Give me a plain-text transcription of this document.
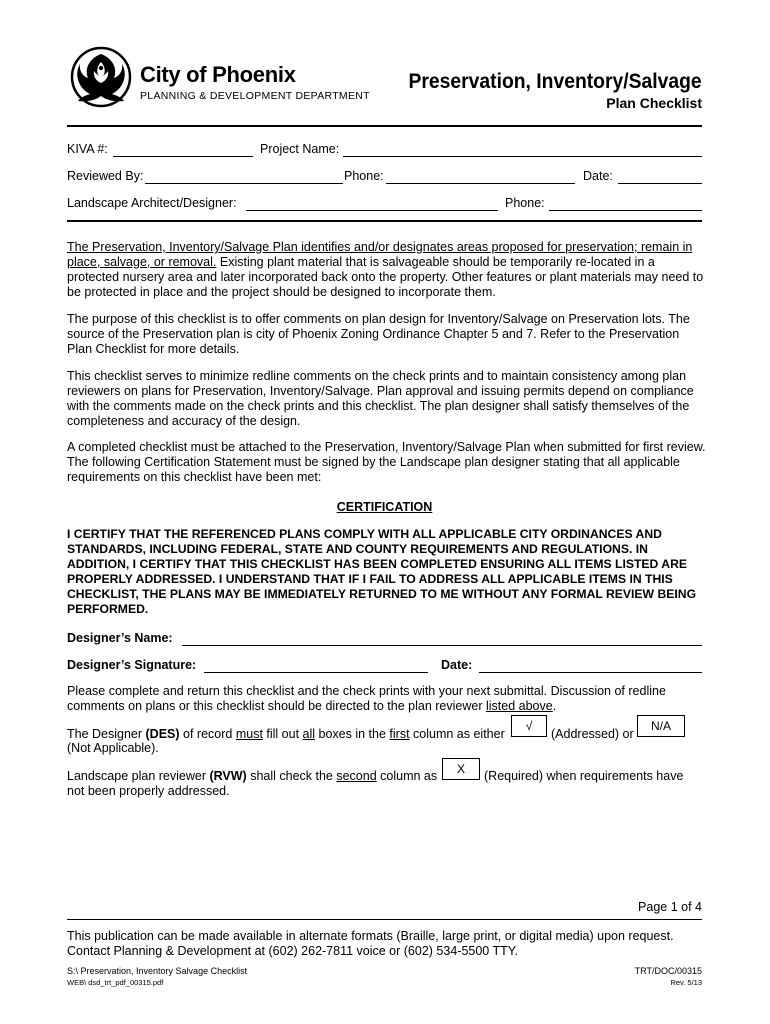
City of Phoenix
PLANNING & DEVELOPMENT DEPARTMENT
Preservation, Inventory/Salvage
Plan Checklist
KIVA #:	Project Name:
Reviewed By:	Phone:	Date:
Landscape Architect/Designer:	Phone:

The Preservation, Inventory/Salvage Plan identifies and/or designates areas proposed for preservation; remain in place, salvage, or removal. Existing plant material that is salvageable should be temporarily re-located in a protected nursery area and later incorporated back onto the property. Other features or plant materials may need to be protected in place and the project should be designed to incorporate them.

The purpose of this checklist is to offer comments on plan design for Inventory/Salvage on Preservation lots. The source of the Preservation plan is city of Phoenix Zoning Ordinance Chapter 5 and 7. Refer to the Preservation Plan Checklist for more details.
This checklist serves to minimize redline comments on the check prints and to maintain consistency among plan reviewers on plans for Preservation, Inventory/Salvage. Plan approval and issuing permits depend on compliance with the comments made on the check prints and this checklist. The plan designer shall satisfy themselves of the completeness and accuracy of the design.
A completed checklist must be attached to the Preservation, Inventory/Salvage Plan when submitted for first review. The following Certification Statement must be signed by the Landscape plan designer stating that all applicable requirements on this checklist have been met:
CERTIFICATION
I CERTIFY THAT THE REFERENCED PLANS COMPLY WITH ALL APPLICABLE CITY ORDINANCES AND STANDARDS, INCLUDING FEDERAL, STATE AND COUNTY REQUIREMENTS AND REGULATIONS. IN ADDITION, I CERTIFY THAT THIS CHECKLIST HAS BEEN COMPLETED ENSURING ALL ITEMS LISTED ARE PROPERLY ADDRESSED. I UNDERSTAND THAT IF I FAIL TO ADDRESS ALL APPLICABLE ITEMS IN THIS CHECKLIST, THE PLANS MAY BE IMMEDIATELY RETURNED TO ME WITHOUT ANY FORMAL REVIEW BEING PERFORMED.
Designer’s Name:
Designer’s Signature:	Date:
Please complete and return this checklist and the check prints with your next submittal. Discussion of redline
comments on plans or this checklist should be directed to the plan reviewer listed above.
The Designer (DES) of record must fill out all boxes in the first column as either
√
(Addressed) or
N/A
(Not Applicable).
Landscape plan reviewer (RVW) shall check the second column as	X	(Required) when requirements have
not been properly addressed.
Page 1 of 4
This publication can be made available in alternate formats (Braille, large print, or digital media) upon request.
Contact Planning & Development at (602) 262-7811 voice or (602) 534-5500 TTY.
S:\ Preservation, Inventory Salvage Checklist
WEB\ dsd_trt_pdf_00315.pdf
TRT/DOC/00315
Rev. 5/13
